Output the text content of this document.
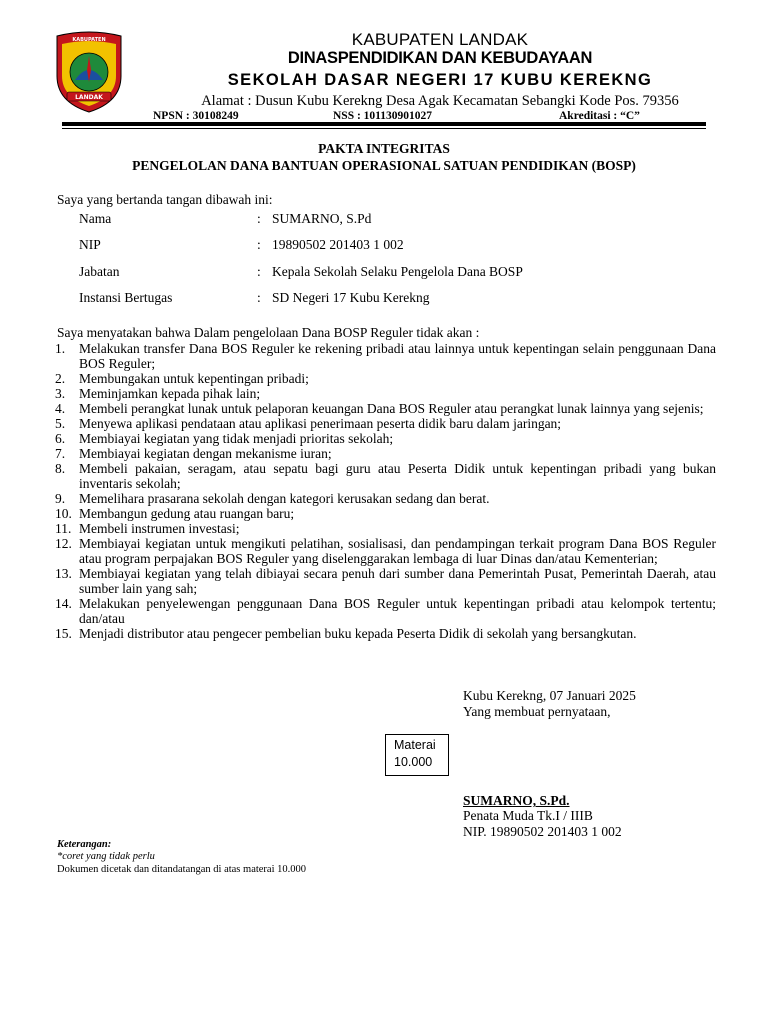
LANDAK
KABUPATEN	KABUPATEN LANDAK
DINASPENDIDIKAN DAN KEBUDAYAAN
SEKOLAH DASAR NEGERI 17 KUBU KEREKNG
Alamat : Dusun Kubu Kerekng Desa Agak Kecamatan Sebangki Kode Pos. 79356
NPSN : 30108249	NSS : 101130901027	Akreditasi : “C”
PAKTA INTEGRITAS
PENGELOLAN DANA BANTUAN OPERASIONAL SATUAN PENDIDIKAN (BOSP)
Saya yang bertanda tangan dibawah ini:
Nama	: SUMARNO, S.Pd
NIP	: 19890502 201403 1 002
Jabatan	: Kepala Sekolah Selaku Pengelola Dana BOSP
Instansi Bertugas	: SD Negeri 17 Kubu Kerekng
Saya menyatakan bahwa Dalam pengelolaan Dana BOSP Reguler tidak akan :
1. Melakukan transfer Dana BOS Reguler ke rekening pribadi atau lainnya untuk kepentingan selain penggunaan Dana BOS Reguler;
2. Membungakan untuk kepentingan pribadi;
3. Meminjamkan kepada pihak lain;
4. Membeli perangkat lunak untuk pelaporan keuangan Dana BOS Reguler atau perangkat lunak lainnya yang sejenis;
5. Menyewa aplikasi pendataan atau aplikasi penerimaan peserta didik baru dalam jaringan;
6. Membiayai kegiatan yang tidak menjadi prioritas sekolah;
7. Membiayai kegiatan dengan mekanisme iuran;
8. Membeli pakaian, seragam, atau sepatu bagi guru atau Peserta Didik untuk kepentingan pribadi yang bukan inventaris sekolah;
9. Memelihara prasarana sekolah dengan kategori kerusakan sedang dan berat.
10. Membangun gedung atau ruangan baru;
11. Membeli instrumen investasi;
12. Membiayai kegiatan untuk mengikuti pelatihan, sosialisasi, dan pendampingan terkait program Dana BOS Reguler atau program perpajakan BOS Reguler yang diselenggarakan lembaga di luar Dinas dan/atau Kementerian;
13. Membiayai kegiatan yang telah dibiayai secara penuh dari sumber dana Pemerintah Pusat, Pemerintah Daerah, atau sumber lain yang sah;
14. Melakukan penyelewengan penggunaan Dana BOS Reguler untuk kepentingan pribadi atau kelompok tertentu; dan/atau
15. Menjadi distributor atau pengecer pembelian buku kepada Peserta Didik di sekolah yang bersangkutan.
Kubu Kerekng, 07 Januari 2025
Yang membuat pernyataan,
Materai
10.000
SUMARNO, S.Pd.
Penata Muda Tk.I / IIIB
NIP. 19890502 201403 1 002
Keterangan:
*coret yang tidak perlu
Dokumen dicetak dan ditandatangan di atas materai 10.000
